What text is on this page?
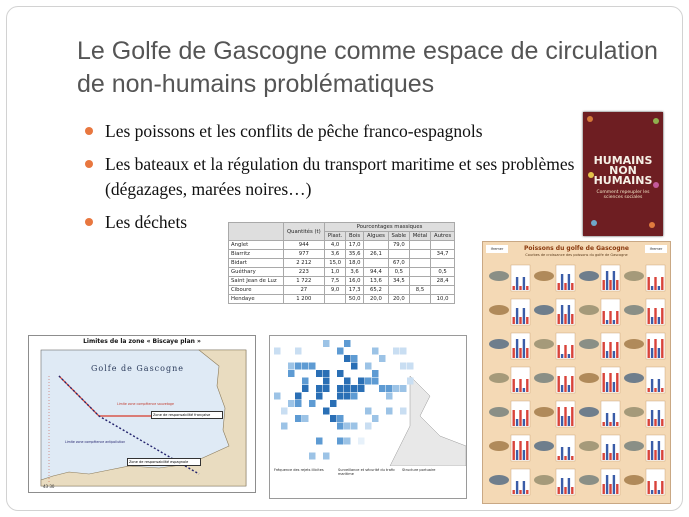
Le Golfe de Gascogne comme espace de circulation de non-humains problématiques
Les poissons et les conflits de pêche franco-espagnols
Les bateaux et la régulation du transport maritime et ses problèmes (dégazages, marées noires…)
Les déchets
HUMAINS
NON
HUMAINS
Comment repeupler les sciences sociales
	Quantités (t)	Pourcentages massiques					
		Plast.	Bois	Algues	Sable	Métal	Autres
Anglet	944	4,0	17,0		79,0		
Biarritz	977	3,6	35,6	26,1			34,7
Bidart	2 212	15,0	18,0		67,0		
Guéthary	223	1,0	3,6	94,4	0,5		0,5
Saint Jean de Luz	1 722	7,5	16,0	13,6	34,5		28,4
Ciboure	27	9,0	17,3	65,2		8,5	
Hendaye	1 200		50,0	20,0	20,0		10,0
Ifremer	Ifremer
Poissons du golfe de Gascogne
Courbes de croissance des poissons du golfe de Gascogne
Limites de la zone « Biscaye plan »
Golfe de Gascogne
Zone de responsabilité française
Zone de responsabilité espagnole
Limite zone compétence sauvetage
Limite zone compétence antipollution
43 30
Fréquence des rejets illicites	Surveillance et sécurité du trafic maritime
Structure portuaire
